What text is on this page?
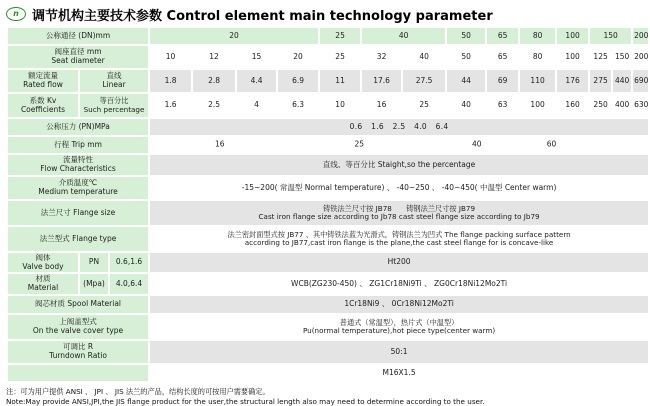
n	调节机构主要技术参数 Control element main technology parameter
公称通径 (DN)mm			20				25	40		50	65	80	100	150		200

阀座直径 mm
Seat diameter			10	12	15	20	25	32	40	50	65	80	100	125	150	200

额定流量
Rated flow

直线
Linear	1.8	2.8	4.4	6.9	11	17.6	27.5	44	69	110	176	275	440	690

系数 Kv
Coefficients

等百分比
Such percentage	1.6	2.5	4	6.3	10	16	25	40	63	100	160	250	400	630
公称压力 (PN)MPa			0.6 1.6 2.5 4.0 6.4													
行程 Trip mm			16 25 40 60													

流量特性
Flow Characteristics			直线、等百分比 Staight,so the percentage													

介质温度℃
Medium temperature			-15~200( 常温型 Normal temperature) 、 -40~250 、 -40~450( 中温型 Center warm)													
法兰尺寸 Flange size			铸铁法兰尺寸按 JB78　　铸钢法兰尺寸按 JB79
Cast iron flange size according to Jb78 cast steel flange size according to Jb79													

法兰型式 Flange type			法兰密封面型式按 JB77 、其中铸铁法蓝为光滑式，铸钢法兰为凹式 The flange packing surface pattern
according to JB77,cast iron flange is the plane,the cast steel flange for is concave-like													

阀体
Valve body	PN	0.6,1.6	Ht200													

材质
Material	(Mpa)	4.0,6.4	WCB(ZG230-450) 、 ZG1Cr18Ni9Ti 、 ZG0Cr18Ni12Mo2Ti													
阀芯材质 Spool Material			1Cr18Ni9 、 0Cr18Ni12Mo2Ti													

上阀盖型式
On the valve cover type

普通式（常温型），热片式（中温型）
Pu(normal temperature),hot piece type(center warm)

可调比 R
Turndown Ratio			50:1													
			M16X1.5													
注：可为用户提供 ANSI 、 JPI 、 JIS 法兰的产品，结构长度的可按用户需要确定。
Note:May provide ANSI,JPI,the JIS flange product for the user,the structural length also may need to determine according to the user.
